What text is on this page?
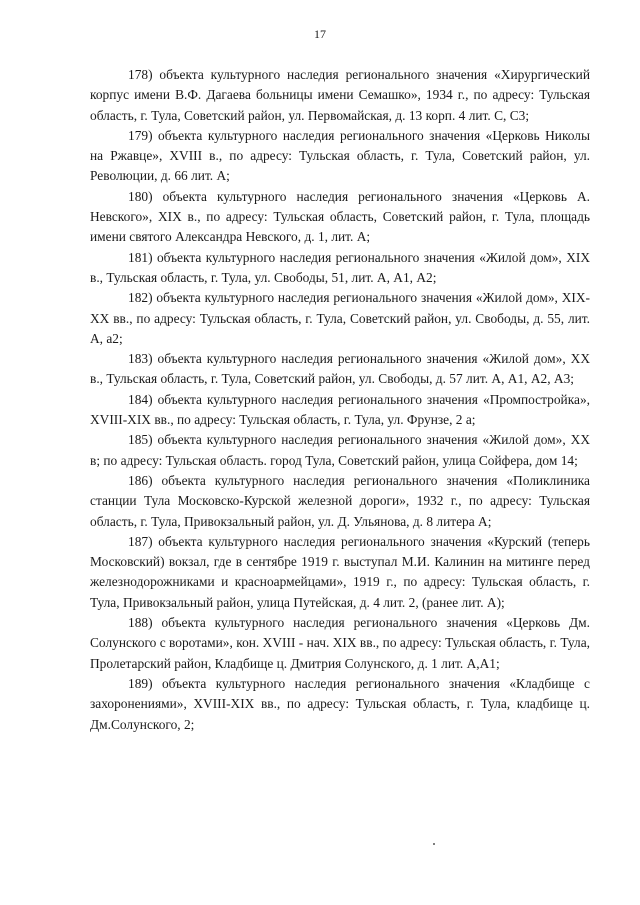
17

178) объекта культурного наследия регионального значения «Хирургический корпус имени В.Ф. Дагаева больницы имени Семашко», 1934 г., по адресу: Тульская область, г. Тула, Советский район, ул. Первомайская, д. 13 корп. 4 лит. С, С3;

179) объекта культурного наследия регионального значения «Церковь Николы на Ржавце», XVIII в., по адресу: Тульская область, г. Тула, Советский район, ул. Революции, д. 66 лит. А;

180) объекта культурного наследия регионального значения «Церковь А. Невского», XIX в., по адресу: Тульская область, Советский район, г. Тула, площадь имени святого Александра Невского, д. 1, лит. А;

181) объекта культурного наследия регионального значения «Жилой дом», XIX в., Тульская область, г. Тула, ул. Свободы, 51, лит. А, А1, А2;

182) объекта культурного наследия регионального значения «Жилой дом», XIX-XX вв., по адресу: Тульская область, г. Тула, Советский район, ул. Свободы, д. 55, лит. А, а2;

183) объекта культурного наследия регионального значения «Жилой дом», XX в., Тульская область, г. Тула, Советский район, ул. Свободы, д. 57 лит. А, А1, А2, А3;

184) объекта культурного наследия регионального значения «Промпостройка», XVIII-XIX вв., по адресу: Тульская область, г. Тула, ул. Фрунзе, 2 а;

185) объекта культурного наследия регионального значения «Жилой дом», XX в; по адресу: Тульская область. город Тула, Советский район, улица Сойфера, дом 14;

186) объекта культурного наследия регионального значения «Поликлиника станции Тула Московско-Курской железной дороги», 1932 г., по адресу: Тульская область, г. Тула, Привокзальный район, ул. Д. Ульянова, д. 8 литера А;

187) объекта культурного наследия регионального значения «Курский (теперь Московский) вокзал, где в сентябре 1919 г. выступал М.И. Калинин на митинге перед железнодорожниками и красноармейцами», 1919 г., по адресу: Тульская область, г. Тула, Привокзальный район, улица Путейская, д. 4 лит. 2, (ранее лит. А);

188) объекта культурного наследия регионального значения «Церковь Дм. Солунского с воротами», кон. XVIII - нач. XIX вв., по адресу: Тульская область, г. Тула, Пролетарский район, Кладбище ц. Дмитрия Солунского, д. 1 лит. А,А1;

189) объекта культурного наследия регионального значения «Кладбище с захоронениями», XVIII-XIX вв., по адресу: Тульская область, г. Тула, кладбище ц. Дм.Солунского, 2;
